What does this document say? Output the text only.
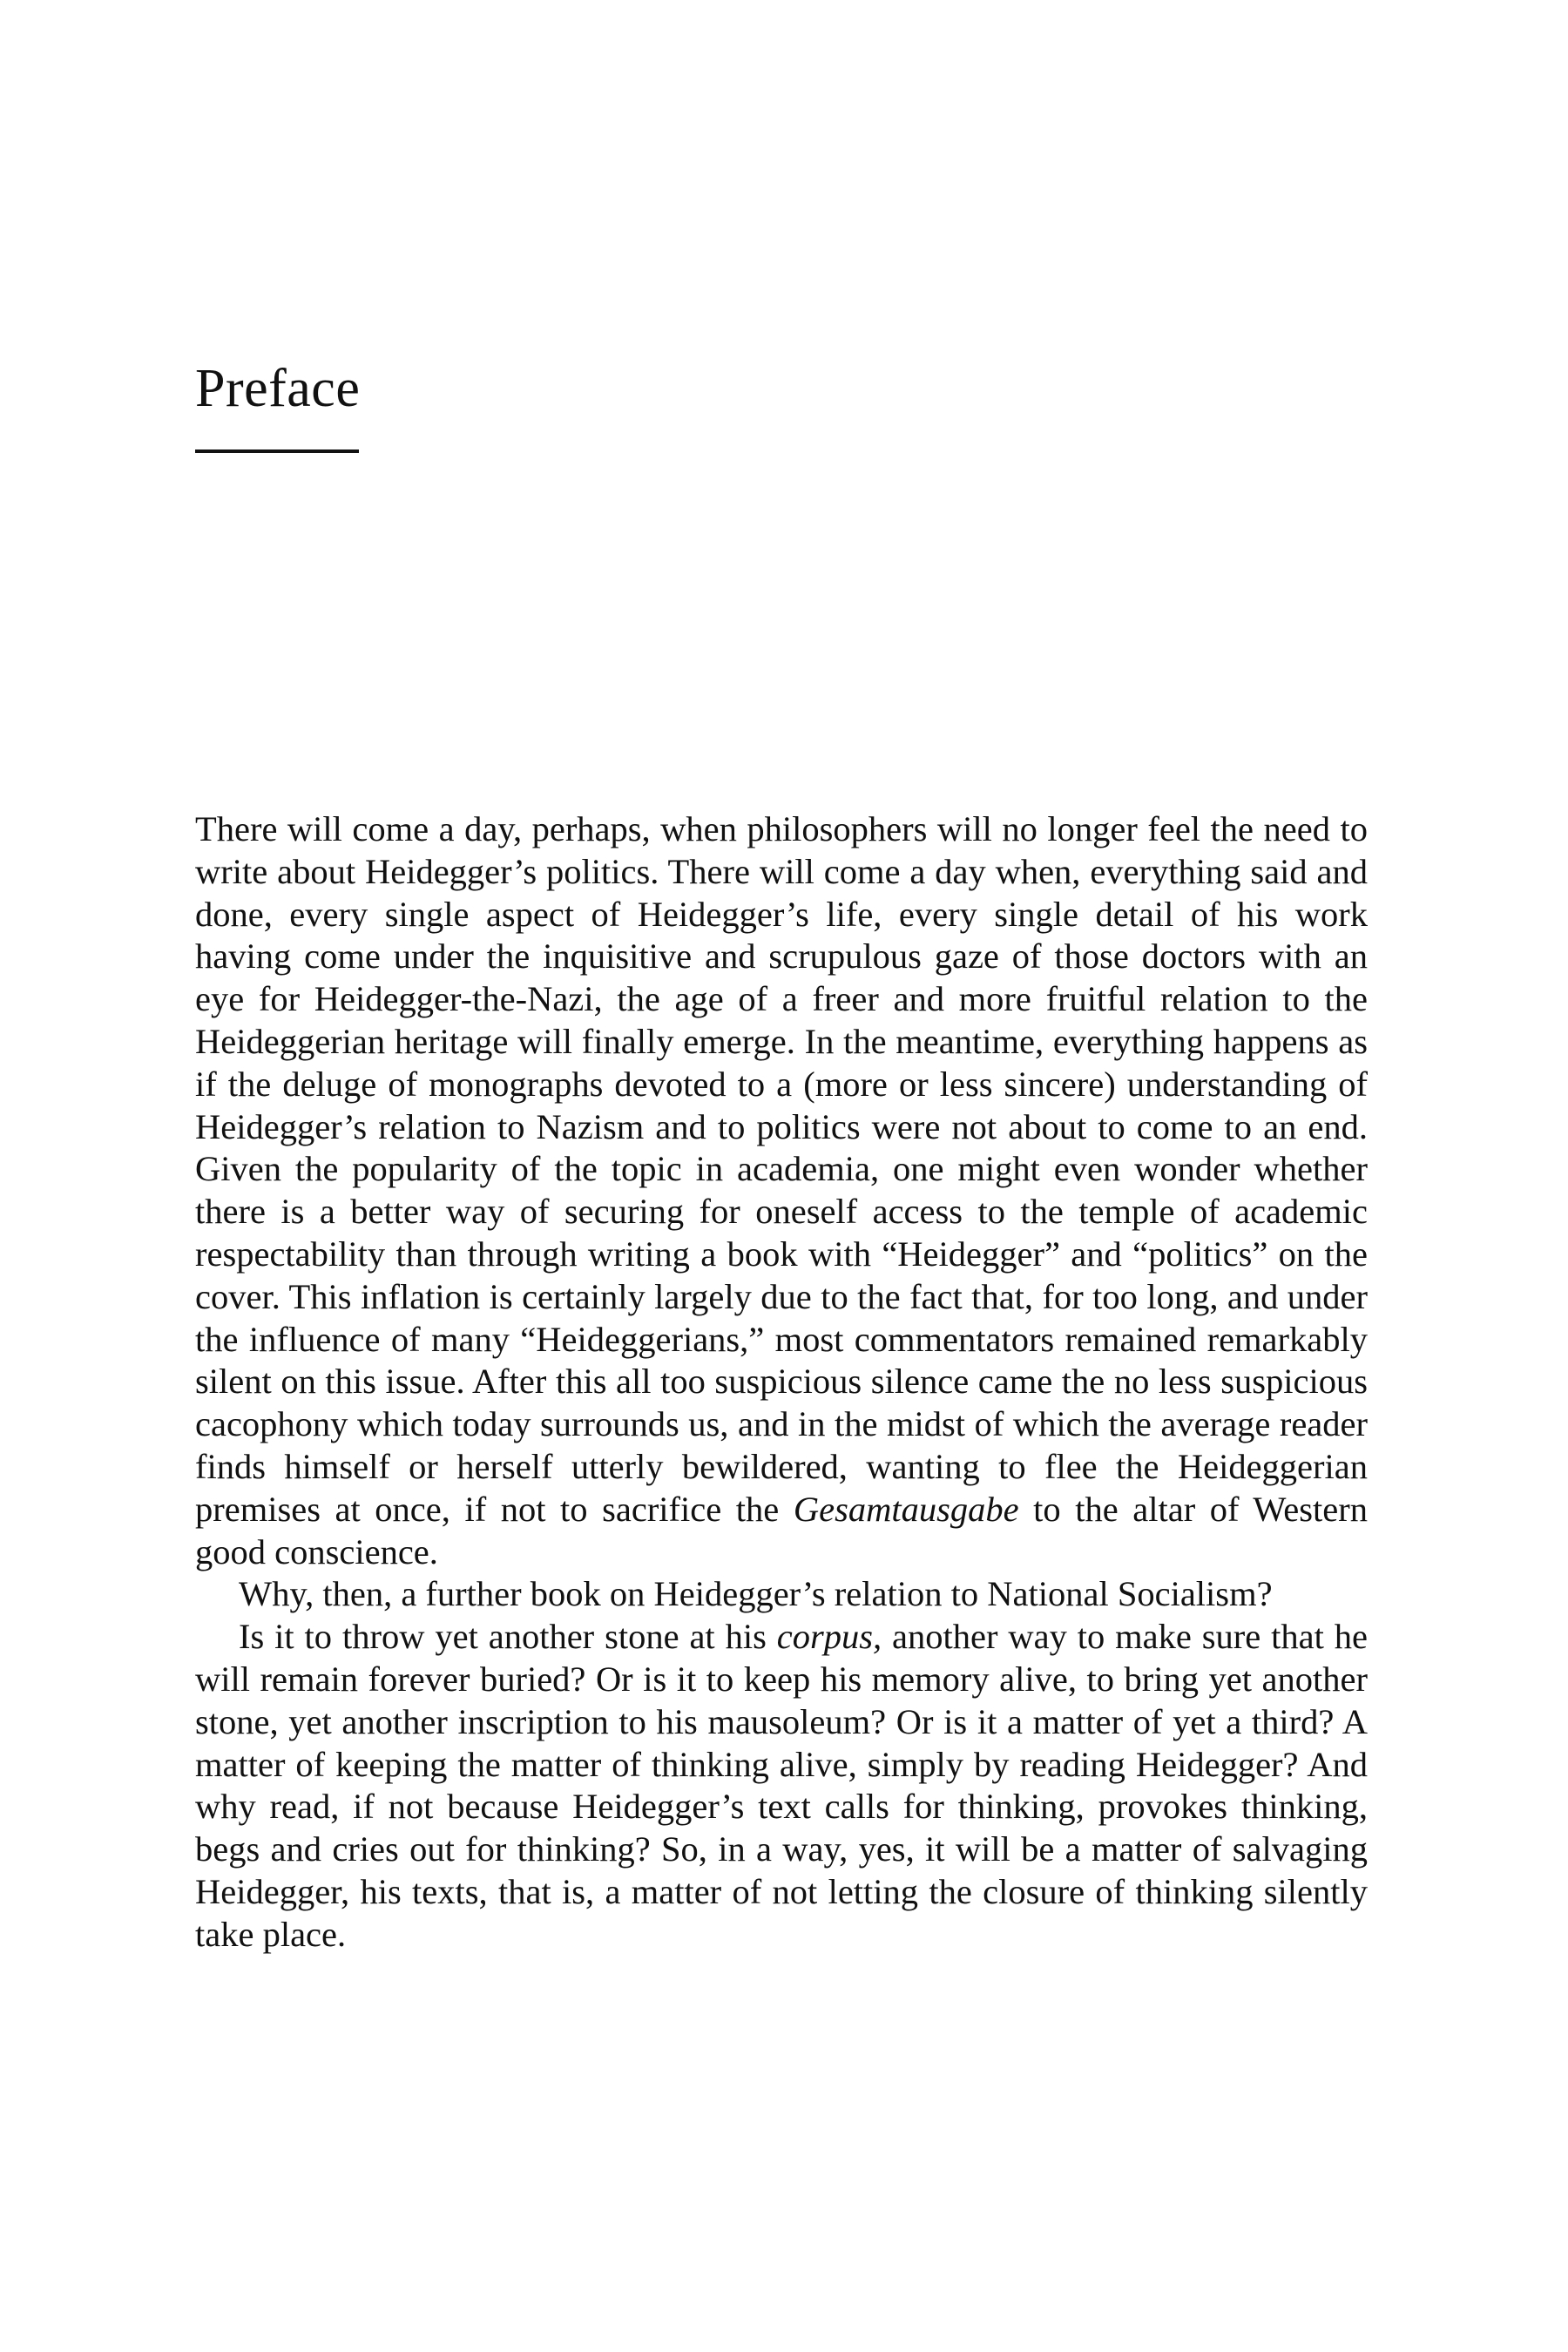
Preface

There will come a day, perhaps, when philosophers will no longer feel the need to write about Heidegger’s politics. There will come a day when, everything said and done, every single aspect of Heidegger’s life, every single detail of his work having come under the inquisitive and scrupulous gaze of those doctors with an eye for Heidegger-the-Nazi, the age of a freer and more fruitful relation to the Heideggerian heritage will finally emerge. In the meantime, everything happens as if the deluge of monographs devoted to a (more or less sincere) understanding of Heidegger’s relation to Nazism and to politics were not about to come to an end. Given the popularity of the topic in academia, one might even wonder whether there is a better way of securing for oneself access to the temple of academic respectability than through writing a book with “Heidegger” and “politics” on the cover. This inflation is certainly largely due to the fact that, for too long, and under the influence of many “Heideggerians,” most commentators remained remarkably silent on this issue. After this all too suspicious silence came the no less suspicious cacophony which today surrounds us, and in the midst of which the average reader finds himself or herself utterly bewildered, wanting to flee the Heideggerian premises at once, if not to sacrifice the Gesamtausgabe to the altar of Western good conscience.

Why, then, a further book on Heidegger’s relation to National Socialism?

Is it to throw yet another stone at his corpus, another way to make sure that he will remain forever buried? Or is it to keep his memory alive, to bring yet another stone, yet another inscription to his mausoleum? Or is it a matter of yet a third? A matter of keeping the matter of thinking alive, simply by reading Heidegger? And why read, if not because Heidegger’s text calls for thinking, provokes thinking, begs and cries out for thinking? So, in a way, yes, it will be a matter of salvaging Heidegger, his texts, that is, a matter of not letting the closure of thinking silently take place.
